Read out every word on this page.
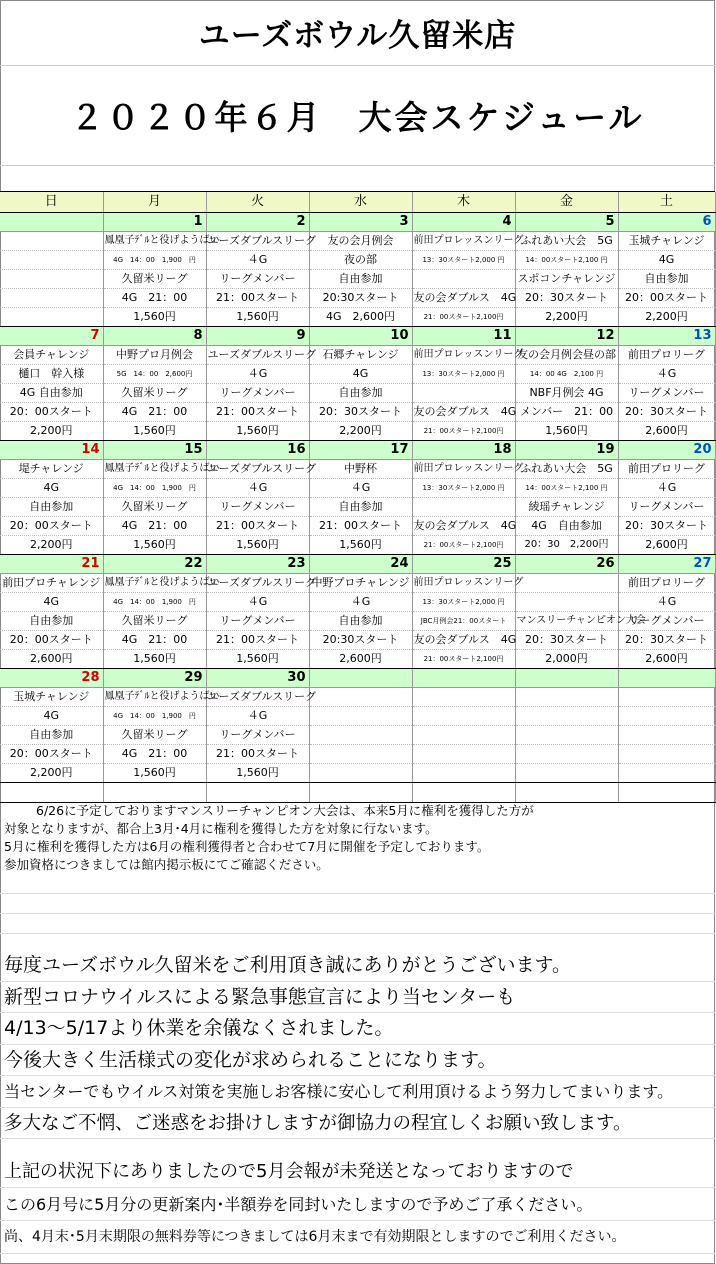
ユーズボウル久留米店
２０２０年６月　大会スケジュール
日	月	火	水	木	金	土
	1	2	3	4	5	6
	鳳凰子ﾃﾞﾙと役げようばい	ユーズダブルスリーグ	友の会月例会	前田プロレッスンリーグ	ふれあい大会　5G	玉城チャレンジ
	4G　14：00　1,900　円	４G	夜の部	13：30スタート2,000 円	14：00スタート2,100 円	4G
	久留米リーグ	リーグメンバー	自由参加		スポコンチャレンジ	自由参加
	4G　21：00	21：00スタート	20:30スタート	友の会ダブルス　4G	20：30スタート	20：00スタート
	1,560円	1,560円	4G　2,600円	21：00スタート2,100円	2,200円	2,200円
7	8	9	10	11	12	13
会員チャレンジ	中野プロ月例会	ユーズダブルスリーグ	石郷チャレンジ	前田プロレッスンリーグ	友の会月例会昼の部	前田プロリーグ
樋口　幹入様	5G　14：00　2,600円	４G	4G	13：30スタート2,000 円	14：00 4G　2,100 円	４G
4G 自由参加	久留米リーグ	リーグメンバー	自由参加		NBF月例会 4G	リーグメンバー
20：00スタート	4G　21：00	21：00スタート	20：30スタート	友の会ダブルス　4G	メンバー　21：00	20：30スタート
2,200円	1,560円	1,560円	2,200円	21：00スタート2,100円	1,560円	2,600円
14	15	16	17	18	19	20
堤チャレンジ	鳳凰子ﾃﾞﾙと役げようばい	ユーズダブルスリーグ	中野杯	前田プロレッスンリーグ	ふれあい大会　5G	前田プロリーグ
4G	4G　14：00　1,900　円	４G	４G	13：30スタート2,000 円	14：00スタート2,100 円	４G
自由参加	久留米リーグ	リーグメンバー	自由参加		綾瑶チャレンジ	リーグメンバー
20：00スタート	4G　21：00	21：00スタート	21：00スタート	友の会ダブルス　4G	4G　自由参加	20：30スタート
2,200円	1,560円	1,560円	1,560円	21：00スタート2,100円	20：30　2,200円	2,600円
21	22	23	24	25	26	27
前田プロチャレンジ	鳳凰子ﾃﾞﾙと役げようばい	ユーズダブルスリーグ	中野プロチャレンジ	前田プロレッスンリーグ		前田プロリーグ
4G	4G　14：00　1,900　円	４G	４G	13：30スタート2,000 円		４G
自由参加	久留米リーグ	リーグメンバー	自由参加	JBC月例会21：00スタート	マンスリーチャンピオン大会	リーグメンバー
20：00スタート	4G　21：00	21：00スタート	20:30スタート	友の会ダブルス　4G	20：30スタート	20：30スタート
2,600円	1,560円	1,560円	2,600円	21：00スタート2,100円	2,000円	2,600円
28	29	30				
玉城チャレンジ	鳳凰子ﾃﾞﾙと役げようばい	ユーズダブルスリーグ				
4G	4G　14：00　1,900　円	４G				
自由参加	久留米リーグ	リーグメンバー				
20：00スタート	4G　21：00	21：00スタート				
2,200円	1,560円	1,560円				

6/26に予定しておりますマンスリーチャンピオン大会は、本来5月に権利を獲得した方が
対象となりますが、都合上3月･4月に権利を獲得した方を対象に行ないます。
5月に権利を獲得した方は6月の権利獲得者と合わせて7月に開催を予定しております。
参加資格につきましては館内掲示板にてご確認ください。
毎度ユーズボウル久留米をご利用頂き誠にありがとうございます。
新型コロナウイルスによる緊急事態宣言により当センターも
4/13～5/17より休業を余儀なくされました。
今後大きく生活様式の変化が求められることになります。
当センターでもウイルス対策を実施しお客様に安心して利用頂けるよう努力してまいります。
多大なご不惘、ご迷惑をお掛けしますが御協力の程宜しくお願い致します。
上記の状況下にありましたので5月会報が未発送となっておりますので
この6月号に5月分の更新案内･半額券を同封いたしますので予めご了承ください。
尚、4月末･5月末期限の無料券等につきましては6月末まで有効期限としますのでご利用ください。
